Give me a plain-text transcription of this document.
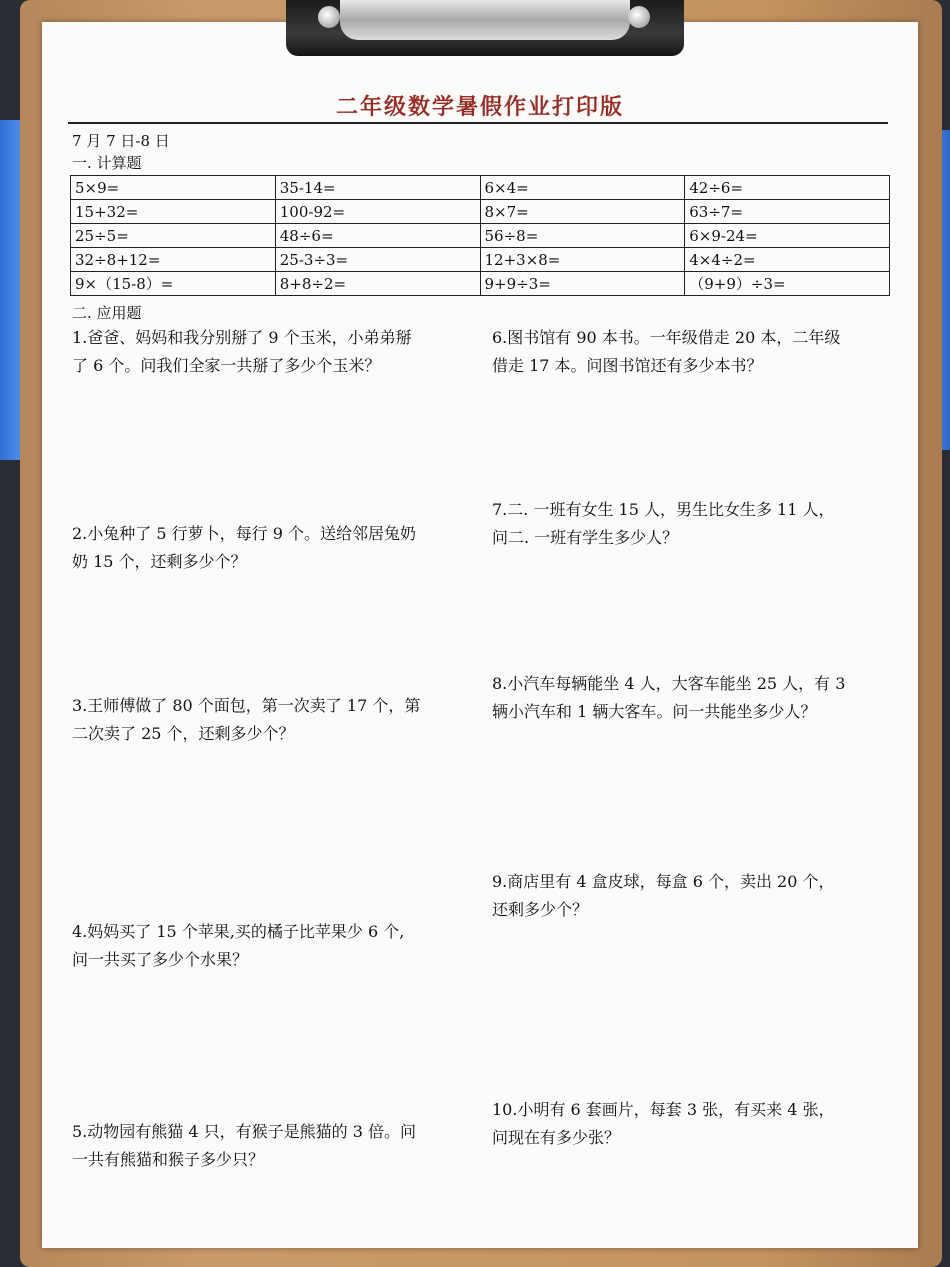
二年级数学暑假作业打印版
7 月 7 日-8 日
一. 计算题
5×9=	35-14=	6×4=	42÷6=
15+32=	100-92=	8×7=	63÷7=
25÷5=	48÷6=	56÷8=	6×9-24=
32÷8+12=	25-3÷3=	12+3×8=	4×4÷2=
9×（15-8）=	8+8÷2=	9+9÷3=	（9+9）÷3=
二. 应用题
1.爸爸、妈妈和我分别掰了 9 个玉米，小弟弟掰
了 6 个。问我们全家一共掰了多少个玉米？
2.小兔种了 5 行萝卜，每行 9 个。送给邻居兔奶
奶 15 个，还剩多少个？
3.王师傅做了 80 个面包，第一次卖了 17 个，第
二次卖了 25 个，还剩多少个？
4.妈妈买了 15 个苹果,买的橘子比苹果少 6 个,
问一共买了多少个水果？
5.动物园有熊猫 4 只，有猴子是熊猫的 3 倍。问
一共有熊猫和猴子多少只？
6.图书馆有 90 本书。一年级借走 20 本，二年级
借走 17 本。问图书馆还有多少本书？
7.二. 一班有女生 15 人，男生比女生多 11 人，
问二. 一班有学生多少人？
8.小汽车每辆能坐 4 人，大客车能坐 25 人，有 3
辆小汽车和 1 辆大客车。问一共能坐多少人？
9.商店里有 4 盒皮球，每盒 6 个，卖出 20 个，
还剩多少个？
10.小明有 6 套画片，每套 3 张，有买来 4 张，
问现在有多少张？
